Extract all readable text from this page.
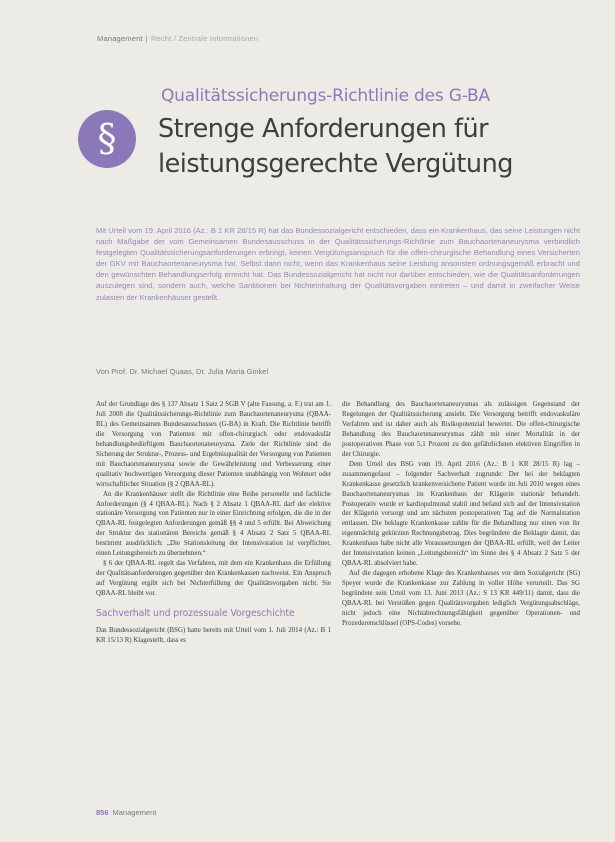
Management | Recht / Zentrale Informationen
§
Qualitätssicherungs-Richtlinie des G-BA
Strenge Anforderungen für
leistungsgerechte Vergütung
Mit Urteil vom 19. April 2016 (Az.: B 1 KR 28/15 R) hat das Bundessozialgericht entschieden, dass ein Krankenhaus, das seine Leistungen nicht nach Maßgabe der vom Gemeinsamen Bundesausschuss in der Qualitätssicherungs-Richtlinie zum Bauchaortenaneurysma verbindlich festgelegten Qualitätssicherungsanforderungen erbringt, keinen Vergütungsanspruch für die offen-chirurgische Behandlung eines Versicherten der GKV mit Bauchaortenaneurysma hat. Selbst dann nicht, wenn das Krankenhaus seine Leistung ansonsten ordnungsgemäß erbracht und den gewünschten Behandlungserfolg erreicht hat. Das Bundessozialgericht hat nicht nur darüber entschieden, wie die Qualitätsanforderungen auszulegen sind, sondern auch, welche Sanktionen bei Nichteinhaltung der Qualitätsvorgaben eintreten – und damit in zweifacher Weise zulasten der Krankenhäuser gestellt.
Von Prof. Dr. Michael Quaas, Dr. Julia Maria Ginkel

Auf der Grundlage des § 137 Absatz 1 Satz 2 SGB V (alte Fassung, a. F.) trat am 1. Juli 2008 die Qualitätssicherungs-Richtlinie zum Bauchaortenaneurysma (QBAA-RL) des Gemeinsamen Bundesausschusses (G-BA) in Kraft. Die Richtlinie betrifft die Versorgung von Patienten mit offen-chirurgisch oder endovaskulär behandlungsbedürftigem Bauchaortenaneurysma. Ziele der Richtlinie sind die Sicherung der Struktur-, Prozess- und Ergebnisqualität der Versorgung von Patienten mit Bauchaortenaneurysma sowie die Gewährleistung und Verbesserung einer qualitativ hochwertigen Versorgung dieser Patienten unabhängig von Wohnort oder wirtschaftlicher Situation (§ 2 QBAA-RL).

An die Krankenhäuser stellt die Richtlinie eine Reihe personelle und fachliche Anforderungen (§ 4 QBAA-RL). Nach § 2 Absatz 1 QBAA-RL darf der elektive stationäre Versorgung von Patienten nur in einer Einrichtung erfolgen, die die in der QBAA-RL festgelegten Anforderungen gemäß §§ 4 und 5 erfüllt. Bei Abweichung der Struktur des stationären Bereichs gemäß § 4 Absatz 2 Satz 5 QBAA-RL bestimmt ausdrücklich: „Die Stationsleitung der Intensivstation ist verpflichtet, einen Leitungsbereich zu übernehmen.“

§ 6 der QBAA-RL regelt das Verfahren, mit dem ein Krankenhaus die Erfüllung der Qualitätsanforderungen gegenüber den Krankenkassen nachweist. Ein Anspruch auf Vergütung ergibt sich bei Nichterfüllung der Qualitätsvorgaben nicht. Sie QBAA-RL bleibt vor.

Sachverhalt und prozessuale Vorgeschichte

Das Bundessozialgericht (BSG) hatte bereits mit Urteil vom 1. Juli 2014 (Az.: B 1 KR 15/13 R) Klagestellt, dass es

die Behandlung des Bauchaortenaneurysmas als zulässigen Gegenstand der Regelungen der Qualitätssicherung ansieht. Die Versorgung betrifft endovaskuläre Verfahren und ist daher auch als Risikopotenzial bewertet. Die offen-chirurgische Behandlung des Bauchaortenaneurysmas zählt mit einer Mortalität in der postoperativen Phase von 5,1 Prozent zu den gefährlichsten elektiven Eingriffen in der Chirurgie.

Dem Urteil des BSG vom 19. April 2016 (Az.: B 1 KR 28/15 R) lag – zusammengefasst – folgender Sachverhalt zugrunde: Der bei der beklagten Krankenkasse gesetzlich krankenversicherte Patient wurde im Juli 2010 wegen eines Bauchaortenaneurysmas im Krankenhaus der Klägerin stationär behandelt. Postoperativ wurde er kardiopulmonal stabil und befand sich auf der Intensivstation der Klägerin versorgt und am nächsten postoperativen Tag auf die Normalstation entlassen. Die beklagte Krankenkasse zahlte für die Behandlung nur einen von ihr eigenmächtig gekürzten Rechnungsbetrag. Dies begründete die Beklagte damit, das Krankenhaus habe nicht alle Voraussetzungen der QBAA-RL erfüllt, weil der Leiter der Intensivstation keinen „Leitungsbereich“ im Sinne des § 4 Absatz 2 Satz 5 der QBAA-RL absolviert habe.

Auf die dagegen erhobene Klage des Krankenhauses vor dem Sozialgericht (SG) Speyer wurde die Krankenkasse zur Zahlung in voller Höhe verurteilt. Das SG begründete sein Urteil vom 13. Juni 2013 (Az.: S 13 KR 449/11) damit, dass die QBAA-RL bei Verstößen gegen Qualitätsvorgaben lediglich Vergütungsabschläge, nicht jedoch eine Nichtabrechnungsfähigkeit gegenüber Operationen- und Prozedurenschlüssel (OPS-Codes) vorsehe.

856 Management
